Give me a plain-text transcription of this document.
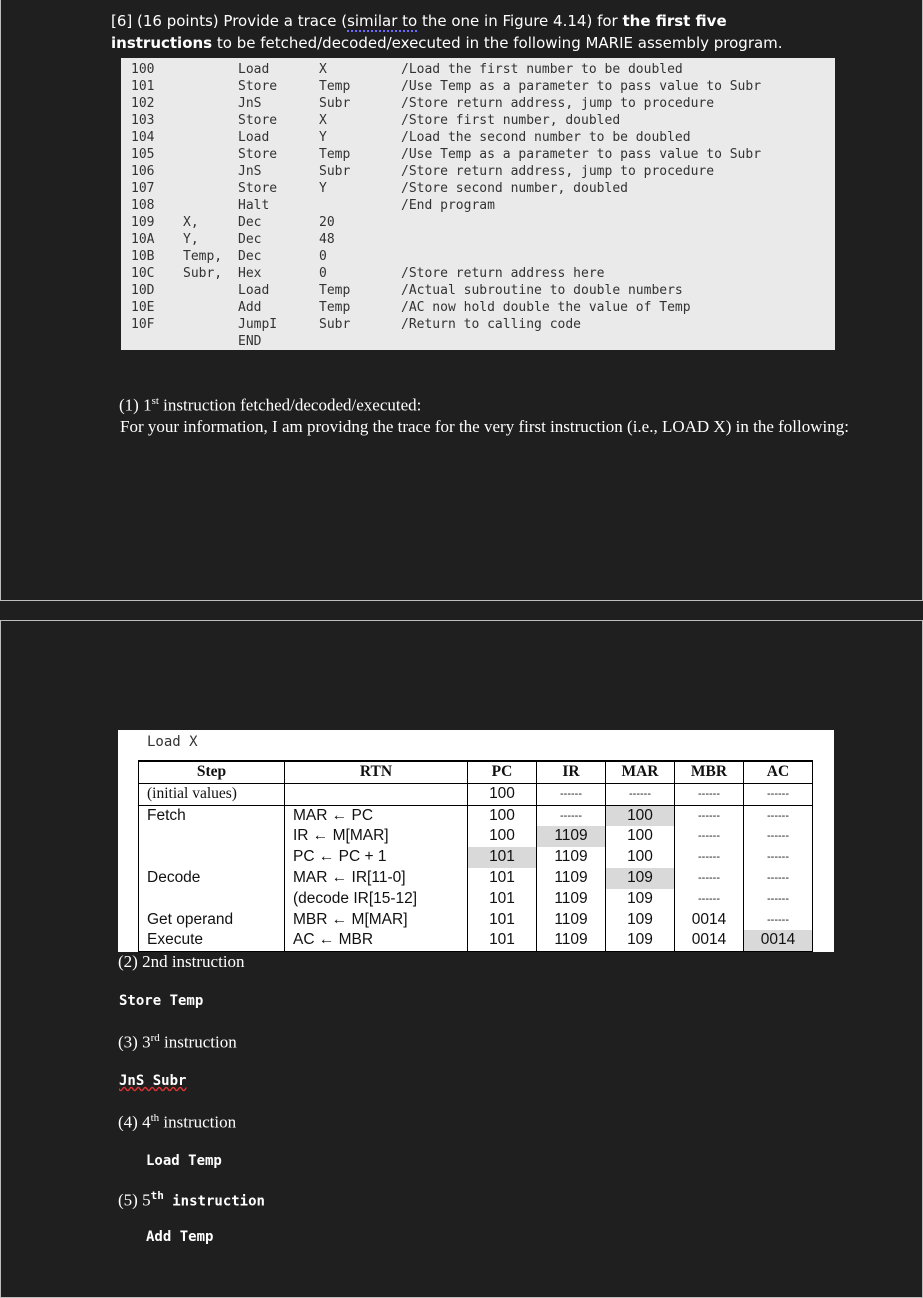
[6] (16 points) Provide a trace (similar to the one in Figure 4.14) for the first five instructions to be fetched/decoded/executed in the following MARIE assembly program.

100	Load	X	/Load the first number to be doubled
101	Store	Temp	/Use Temp as a parameter to pass value to Subr
102	JnS	Subr	/Store return address, jump to procedure
103	Store	X	/Store first number, doubled
104	Load	Y	/Load the second number to be doubled
105	Store	Temp	/Use Temp as a parameter to pass value to Subr
106	JnS	Subr	/Store return address, jump to procedure
107	Store	Y	/Store second number, doubled
108	Halt	/End program
109 X,	Dec	20
10A Y,	Dec	48
10B Temp, Dec	0
10C Subr, Hex	0	/Store return address here
10D	Load	Temp	/Actual subroutine to double numbers
10E	Add	Temp	/AC now hold double the value of Temp
10F	JumpI	Subr	/Return to calling code
END

(1) 1st instruction fetched/decoded/executed:

For your information, I am providng the trace for the very first instruction (i.e., LOAD X) in the following:

Load X
Step	RTN	PC	IR	MAR	MBR	AC
(initial values)		100	------	------	------	------
Fetch	MAR ← PC	100	------	100	------	------
	IR ← M[MAR]	100	1109	100	------	------
	PC ← PC + 1	101	1109	100	------	------
Decode	MAR ← IR[11-0]	101	1109	109	------	------
	(decode IR[15-12]	101	1109	109	------	------
Get operand	MBR ← M[MAR]	101	1109	109	0014	------
Execute	AC ← MBR	101	1109	109	0014	0014

(2) 2nd instruction

Store Temp

(3) 3rd instruction

JnS Subr

(4) 4th instruction

Load Temp

(5) 5th instruction

Add Temp
